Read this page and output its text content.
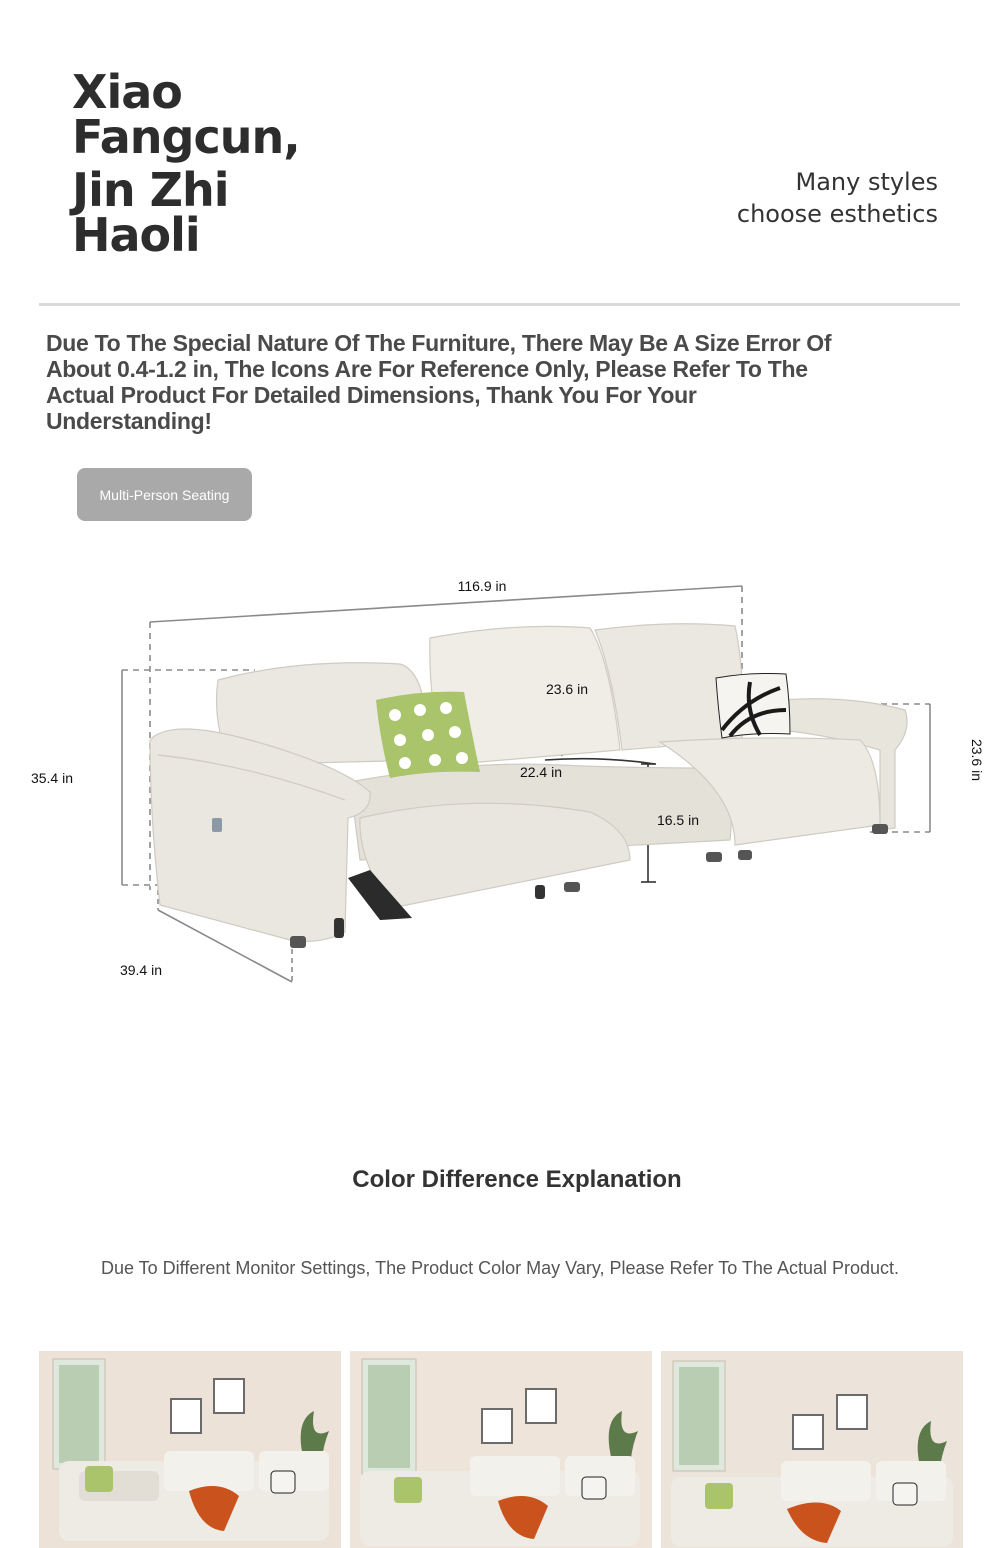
Xiao
Fangcun,
Jin Zhi
Haoli
Many styles
choose esthetics
Due To The Special Nature Of The Furniture, There May Be A Size Error Of About 0.4-1.2 in, The Icons Are For Reference Only, Please Refer To The Actual Product For Detailed Dimensions, Thank You For Your Understanding!
Multi-Person Seating
116.9 in
23.6 in
35.4 in	22.4 in
16.5 in
23.6 in
39.4 in
Color Difference Explanation
Due To Different Monitor Settings, The Product Color May Vary, Please Refer To The Actual Product.
